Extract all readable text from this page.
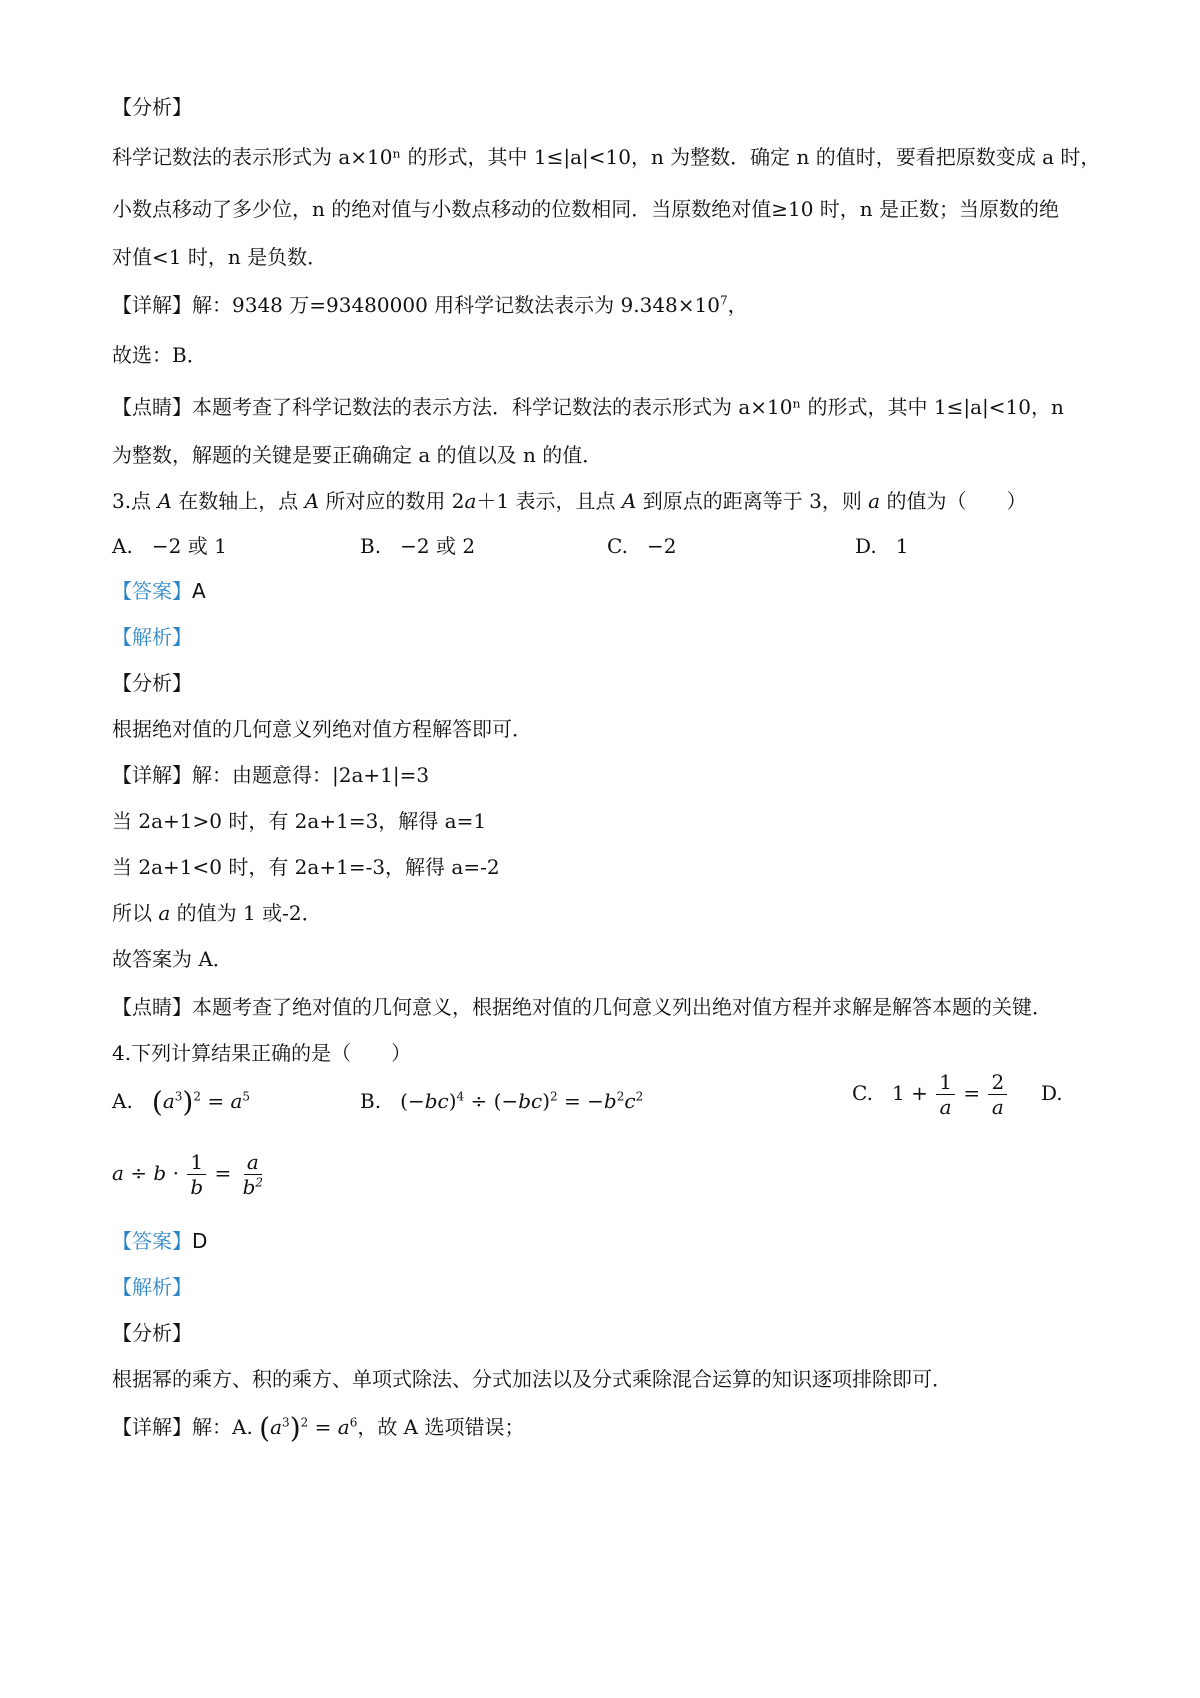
【分析】
科学记数法的表示形式为 a×10ⁿ 的形式，其中 1≤|a|<10，n 为整数．确定 n 的值时，要看把原数变成 a 时，
小数点移动了多少位，n 的绝对值与小数点移动的位数相同．当原数绝对值≥10 时，n 是正数；当原数的绝
对值<1 时，n 是负数．
【详解】解：9348 万=93480000 用科学记数法表示为 $9.348\times 10^7$，
故选：B．
【点睛】本题考查了科学记数法的表示方法．科学记数法的表示形式为 a×10ⁿ 的形式，其中 1≤|a|<10，n
为整数，解题的关键是要正确确定 a 的值以及 n 的值．
3.点 A 在数轴上，点 A 所对应的数用 2a＋1 表示，且点 A 到原点的距离等于 3，则 a 的值为（　　）
A. −2 或 1	B. −2 或 2	C. −2	D. 1
【答案】A
【解析】
【分析】
根据绝对值的几何意义列绝对值方程解答即可．
【详解】解：由题意得：|2a+1|=3
当 2a+1>0 时，有 2a+1=3，解得 a=1
当 2a+1<0 时，有 2a+1=-3，解得 a=-2
所以 a 的值为 1 或-2．
故答案为 A．
【点睛】本题考查了绝对值的几何意义，根据绝对值的几何意义列出绝对值方程并求解是解答本题的关键．
4.下列计算结果正确的是（　　）
A. $(a^3)^2 = a^5$	B. $(-bc)^4 \div (-bc)^2 = -b^2c^2$	C. $1 + \frac{1}{a} = \frac{2}{a} D$.
$a \div b \cdot \frac{1}{b} = \frac{a}{b^2}$
【答案】D
【解析】
【分析】
根据幂的乘方、积的乘方、单项式除法、分式加法以及分式乘除混合运算的知识逐项排除即可．
【详解】解：A. $(a^3)^2 = a^6$，故 A 选项错误；
